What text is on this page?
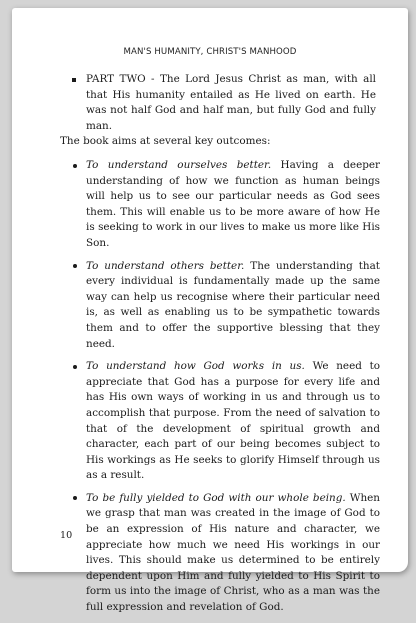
MAN'S HUMANITY, CHRIST'S MANHOOD

PART TWO - The Lord Jesus Christ as man, with all that His humanity entailed as He lived on earth. He was not half God and half man, but fully God and fully man.

The book aims at several key outcomes:

To understand ourselves better. Having a deeper understanding of how we function as human beings will help us to see our particular needs as God sees them. This will enable us to be more aware of how He is seeking to work in our lives to make us more like His Son.

To understand others better. The understanding that every individual is fundamentally made up the same way can help us recognise where their particular need is, as well as enabling us to be sympathetic towards them and to offer the supportive blessing that they need.

To understand how God works in us. We need to appreciate that God has a purpose for every life and has His own ways of working in us and through us to accomplish that purpose. From the need of salvation to that of the development of spiritual growth and character, each part of our being becomes subject to His workings as He seeks to glorify Himself through us as a result.

To be fully yielded to God with our whole being. When we grasp that man was created in the image of God to be an expression of His nature and character, we appreciate how much we need His workings in our lives. This should make us determined to be entirely dependent upon Him and fully yielded to His Spirit to form us into the image of Christ, who as a man was the full expression and revelation of God.

10
